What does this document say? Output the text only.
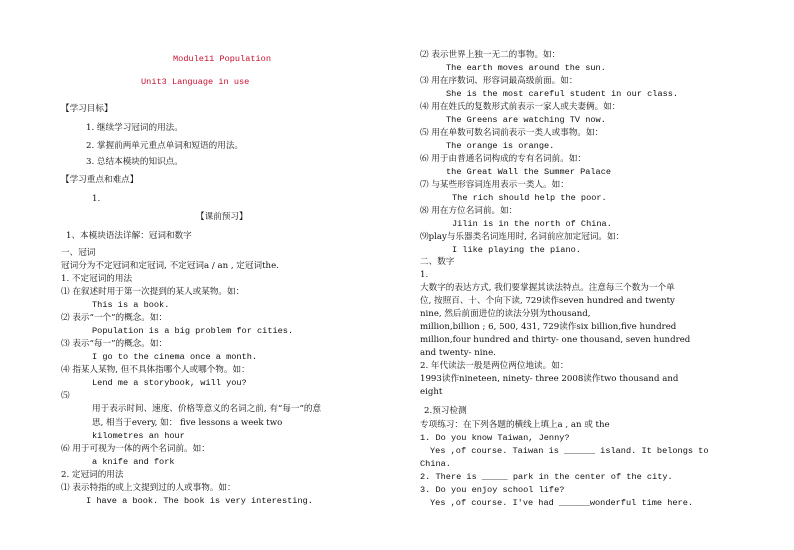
Module11 Population
Unit3 Language in use
【学习目标】
1. 继续学习冠词的用法。
2. 掌握前两单元重点单词和短语的用法。
3. 总结本模块的知识点。
【学习重点和难点】
1.
【课前预习】
1、本模块语法详解：冠词和数字
一、冠词
冠词分为不定冠词和定冠词, 不定冠词a / an , 定冠词the.
1. 不定冠词的用法
⑴ 在叙述时用于第一次提到的某人或某物。如：
This is a book.
⑵ 表示“一个”的概念。如：
Population is a big problem for cities.
⑶ 表示“每一”的概念。如：
I go to the cinema once a month.
⑷ 指某人某物, 但不具体指哪个人或哪个物。如：
Lend me a storybook, will you?
⑸
用于表示时间、速度、价格等意义的名词之前, 有“每一”的意
思, 相当于every, 如： five lessons a week two
kilometres an hour
⑹ 用于可视为一体的两个名词前。如：
a knife and fork
2. 定冠词的用法
⑴ 表示特指的或上文提到过的人或事物。如：
I have a book. The book is very interesting.
⑵ 表示世界上独一无二的事物。如：
The earth moves around the sun.
⑶ 用在序数词、形容词最高级前面。如：
She is the most careful student in our class.
⑷ 用在姓氏的复数形式前表示一家人或夫妻俩。如：
The Greens are watching TV now.
⑸ 用在单数可数名词前表示一类人或事物。如：
The orange is orange.
⑹ 用于由普通名词构成的专有名词前。如：
the Great Wall the Summer Palace
⑺ 与某些形容词连用表示一类人。如：
The rich should help the poor.
⑻ 用在方位名词前。如：
Jilin is in the north of China.
⑼play与乐器类名词连用时, 名词前应加定冠词。如：
I like playing the piano.
二、数字
1.
大数字的表达方式, 我们要掌握其读法特点。注意每三个数为一个单
位, 按照百、十、个向下读, 729读作seven hundred and twenty
nine, 然后前面进位的读法分别为thousand,
million,billion ; 6, 500, 431, 729读作six billion,five hundred
million,four hundred and thirty- one thousand, seven hundred
and twenty- nine.
2. 年代读法一般是两位两位地读。如：
1993读作nineteen, ninety- three 2008读作two thousand and
eight
2.预习检测
专项练习：在下列各题的横线上填上a , an 或 the
1. Do you know Taiwan, Jenny?
Yes ,of course. Taiwan is ______ island. It belongs to
China.
2. There is _____ park in the center of the city.
3. Do you enjoy school life?
Yes ,of course. I've had ______wonderful time here.
